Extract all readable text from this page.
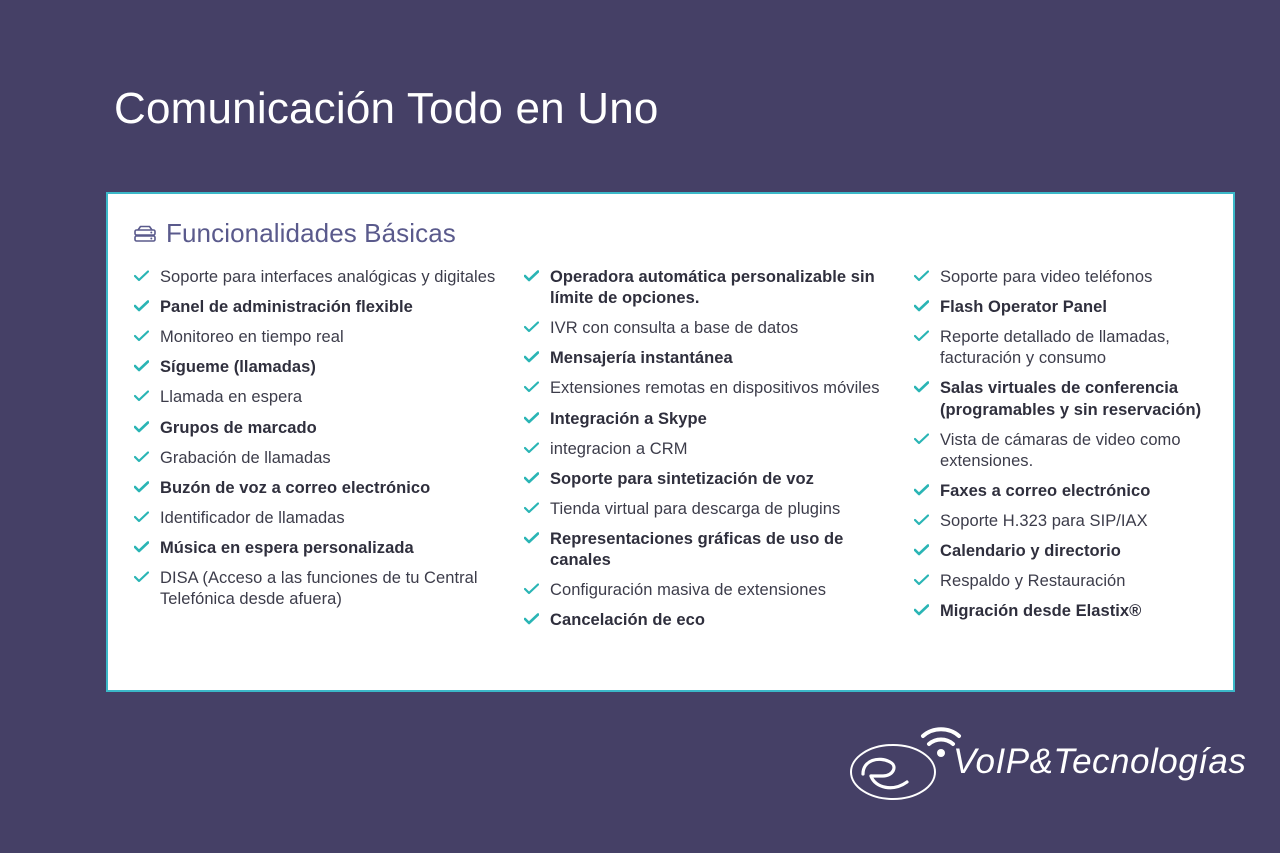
Comunicación Todo en Uno
Funcionalidades Básicas
Soporte para interfaces analógicas y digitales
Panel de administración flexible
Monitoreo en tiempo real
Sígueme (llamadas)
Llamada en espera
Grupos de marcado
Grabación de llamadas
Buzón de voz a correo electrónico
Identificador de llamadas
Música en espera personalizada
DISA (Acceso a las funciones de tu Central Telefónica desde afuera)
Operadora automática personalizable sin límite de opciones.
IVR con consulta a base de datos
Mensajería instantánea
Extensiones remotas en dispositivos móviles
Integración a Skype
integracion a CRM
Soporte para sintetización de voz
Tienda virtual para descarga de plugins
Representaciones gráficas de uso de canales
Configuración masiva de extensiones
Cancelación de eco
Soporte para video teléfonos
Flash Operator Panel
Reporte detallado de llamadas, facturación y consumo
Salas virtuales de conferencia (programables y sin reservación)
Vista de cámaras de video como extensiones.
Faxes a correo electrónico
Soporte H.323 para SIP/IAX
Calendario y directorio
Respaldo y Restauración
Migración desde Elastix®
VoIP&Tecnologías
